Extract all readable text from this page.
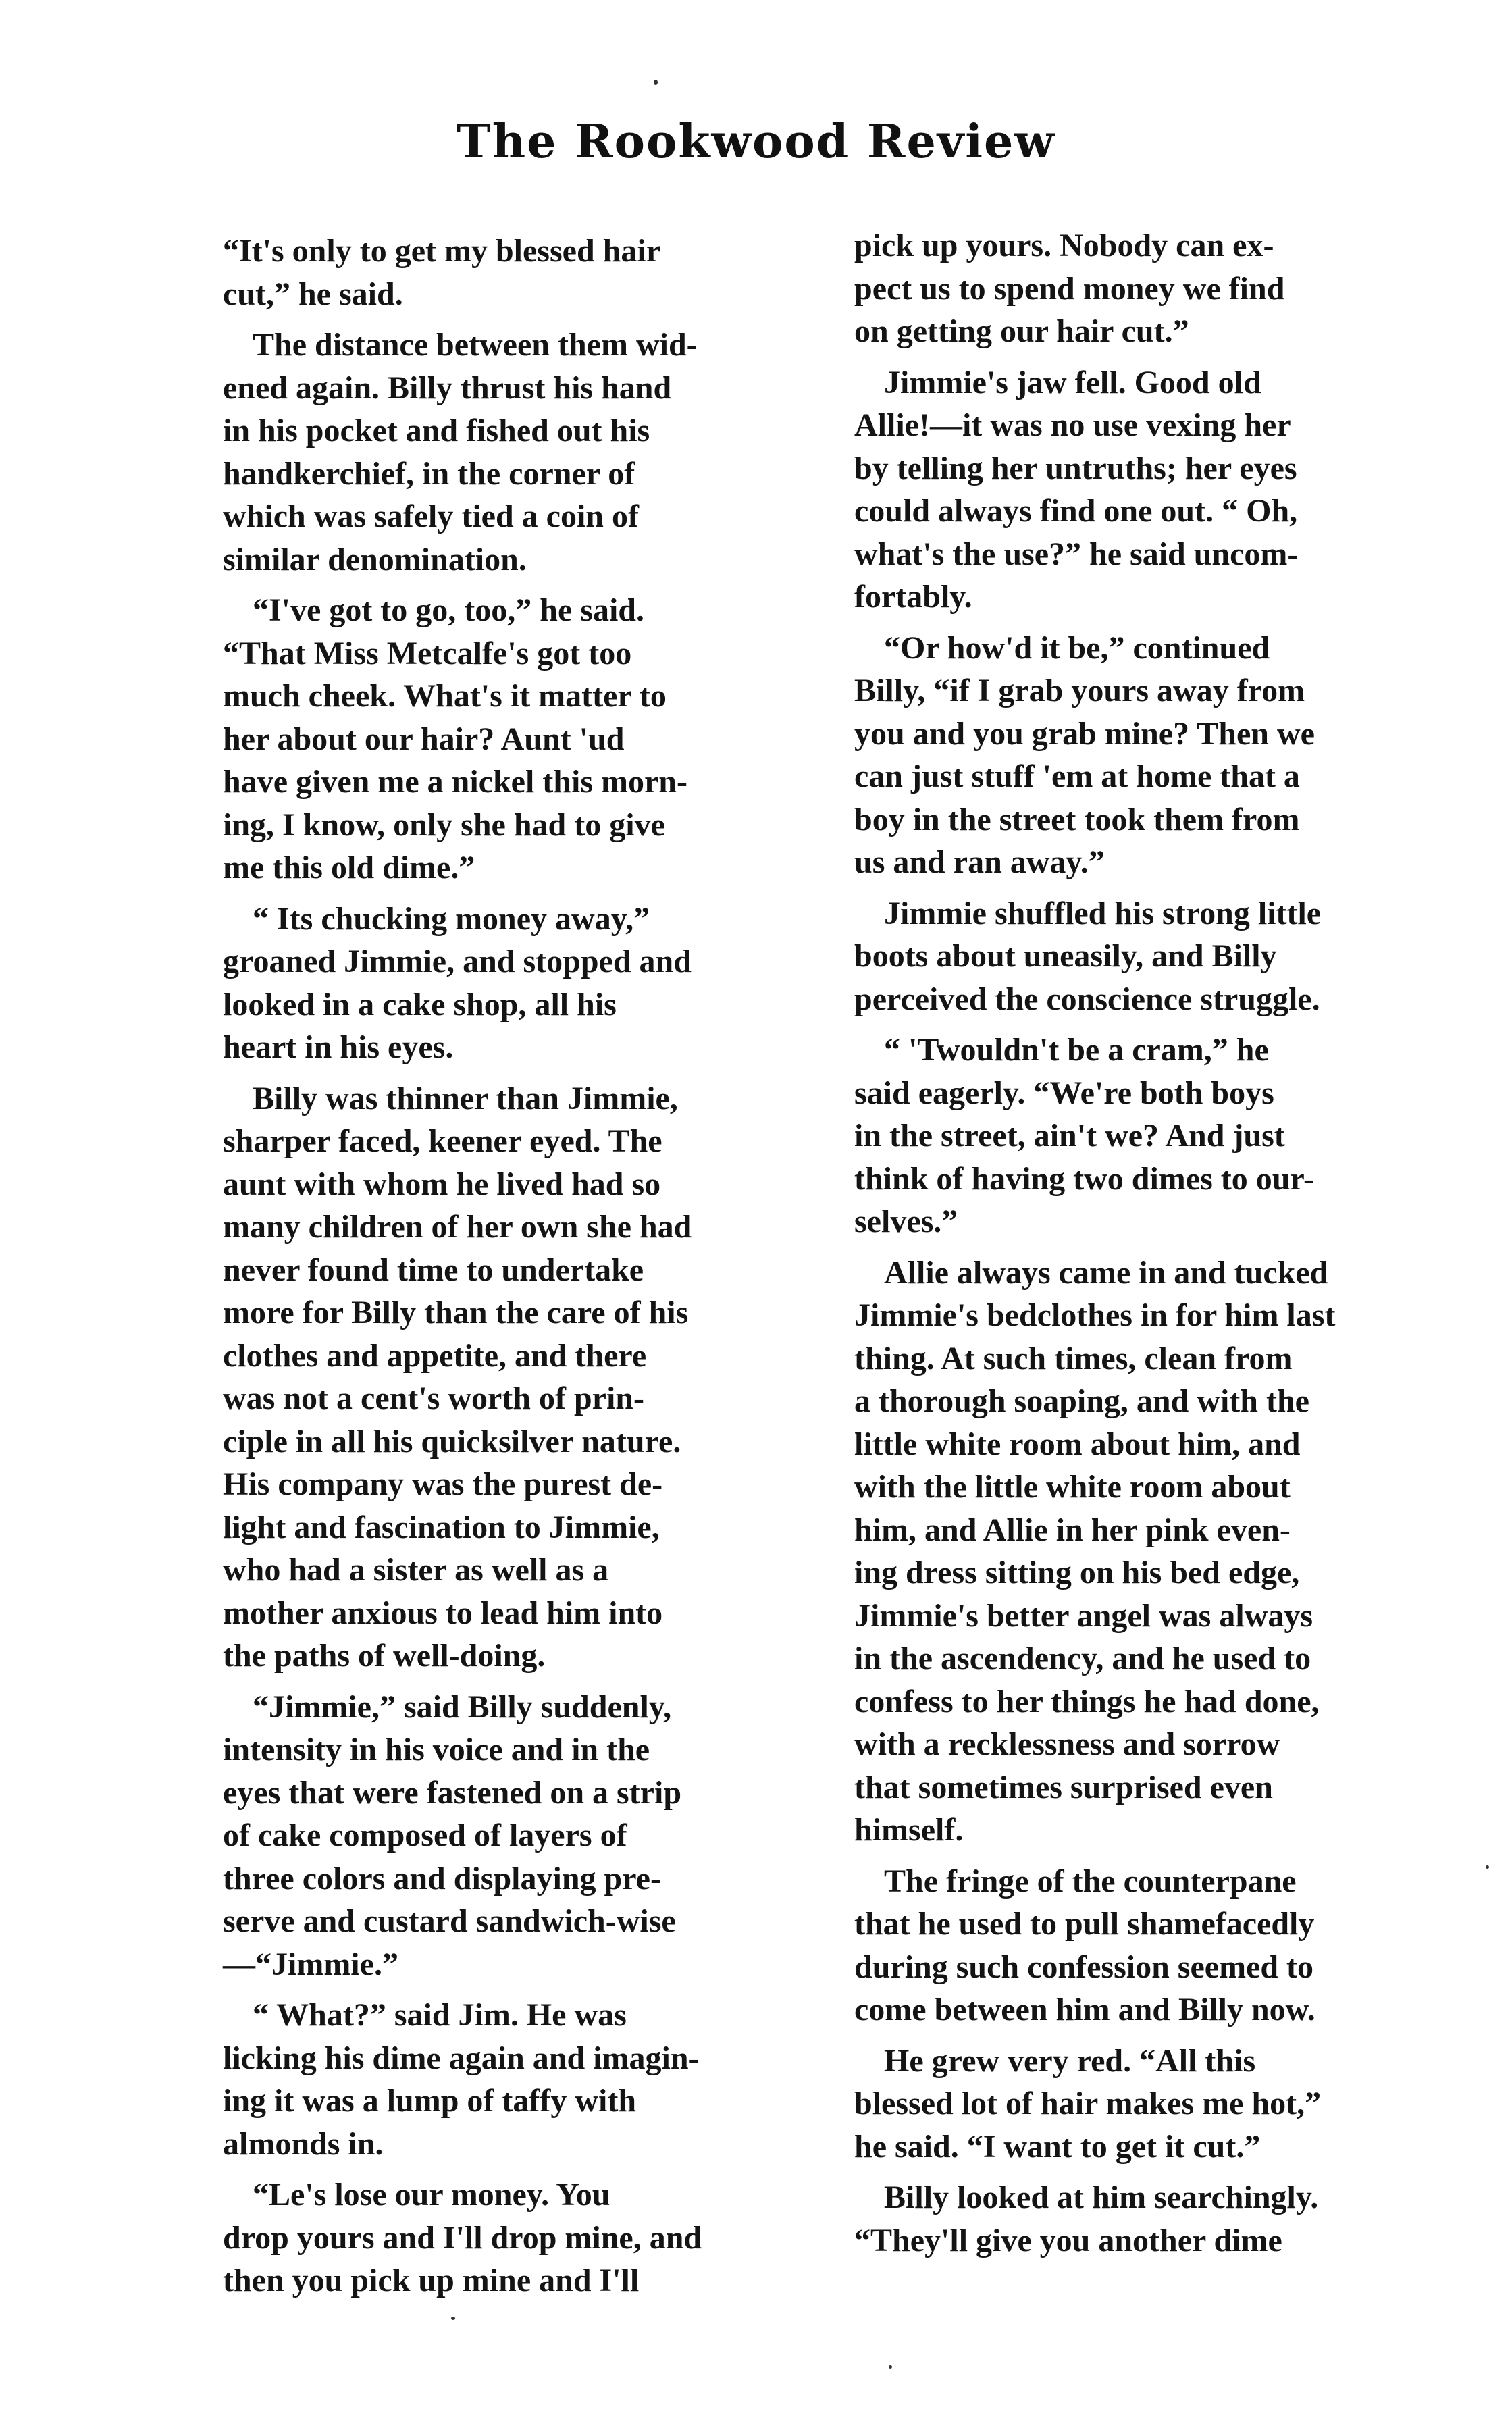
The Rookwood Review

“It's only to get my blessed hair
cut,” he said.

The distance between them wid-
ened again. Billy thrust his hand
in his pocket and fished out his
handkerchief, in the corner of
which was safely tied a coin of
similar denomination.

“I've got to go, too,” he said.
“That Miss Metcalfe's got too
much cheek. What's it matter to
her about our hair? Aunt 'ud
have given me a nickel this morn-
ing, I know, only she had to give
me this old dime.”

“ Its chucking money away,”
groaned Jimmie, and stopped and
looked in a cake shop, all his
heart in his eyes.

Billy was thinner than Jimmie,
sharper faced, keener eyed. The
aunt with whom he lived had so
many children of her own she had
never found time to undertake
more for Billy than the care of his
clothes and appetite, and there
was not a cent's worth of prin-
ciple in all his quicksilver nature.
His company was the purest de-
light and fascination to Jimmie,
who had a sister as well as a
mother anxious to lead him into
the paths of well-doing.

“Jimmie,” said Billy suddenly,
intensity in his voice and in the
eyes that were fastened on a strip
of cake composed of layers of
three colors and displaying pre-
serve and custard sandwich-wise
—“Jimmie.”

“ What?” said Jim. He was
licking his dime again and imagin-
ing it was a lump of taffy with
almonds in.

“Le's lose our money. You
drop yours and I'll drop mine, and
then you pick up mine and I'll

pick up yours. Nobody can ex-
pect us to spend money we find
on getting our hair cut.”

Jimmie's jaw fell. Good old
Allie!—it was no use vexing her
by telling her untruths; her eyes
could always find one out. “ Oh,
what's the use?” he said uncom-
fortably.

“Or how'd it be,” continued
Billy, “if I grab yours away from
you and you grab mine? Then we
can just stuff 'em at home that a
boy in the street took them from
us and ran away.”

Jimmie shuffled his strong little
boots about uneasily, and Billy
perceived the conscience struggle.

“ 'Twouldn't be a cram,” he
said eagerly. “We're both boys
in the street, ain't we? And just
think of having two dimes to our-
selves.”

Allie always came in and tucked
Jimmie's bedclothes in for him last
thing. At such times, clean from
a thorough soaping, and with the
little white room about him, and
with the little white room about
him, and Allie in her pink even-
ing dress sitting on his bed edge,
Jimmie's better angel was always
in the ascendency, and he used to
confess to her things he had done,
with a recklessness and sorrow
that sometimes surprised even
himself.

The fringe of the counterpane
that he used to pull shamefacedly
during such confession seemed to
come between him and Billy now.

He grew very red. “All this
blessed lot of hair makes me hot,”
he said. “I want to get it cut.”

Billy looked at him searchingly.
“They'll give you another dime
